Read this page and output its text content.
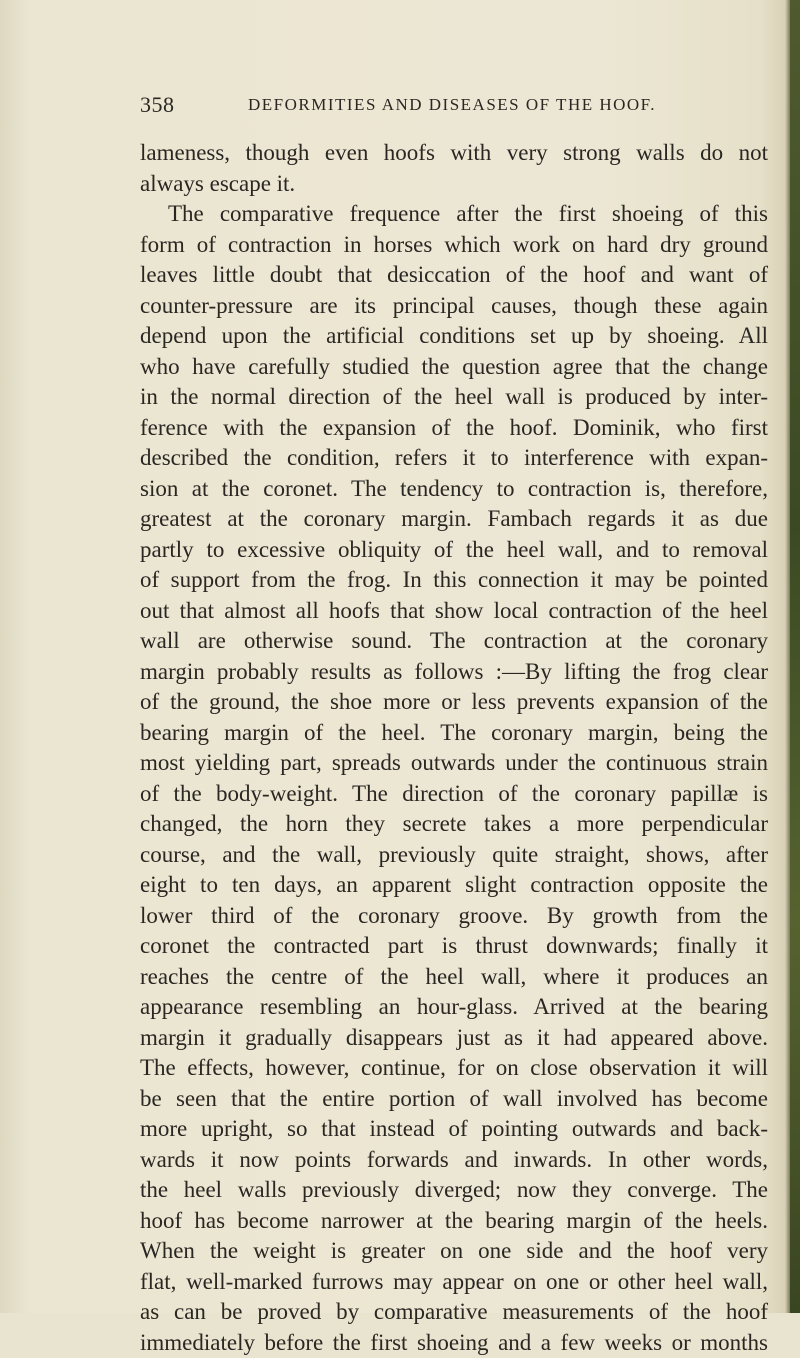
358	DEFORMITIES AND DISEASES OF THE HOOF.
lameness, though even hoofs with very strong walls do not
always escape it.
The comparative frequence after the first shoeing of this
form of contraction in horses which work on hard dry ground
leaves little doubt that desiccation of the hoof and want of
counter-pressure are its principal causes, though these again
depend upon the artificial conditions set up by shoeing. All
who have carefully studied the question agree that the change
in the normal direction of the heel wall is produced by inter-
ference with the expansion of the hoof. Dominik, who first
described the condition, refers it to interference with expan-
sion at the coronet. The tendency to contraction is, therefore,
greatest at the coronary margin. Fambach regards it as due
partly to excessive obliquity of the heel wall, and to removal
of support from the frog. In this connection it may be pointed
out that almost all hoofs that show local contraction of the heel
wall are otherwise sound. The contraction at the coronary
margin probably results as follows :—By lifting the frog clear
of the ground, the shoe more or less prevents expansion of the
bearing margin of the heel. The coronary margin, being the
most yielding part, spreads outwards under the continuous strain
of the body-weight. The direction of the coronary papillæ is
changed, the horn they secrete takes a more perpendicular
course, and the wall, previously quite straight, shows, after
eight to ten days, an apparent slight contraction opposite the
lower third of the coronary groove. By growth from the
coronet the contracted part is thrust downwards; finally it
reaches the centre of the heel wall, where it produces an
appearance resembling an hour-glass. Arrived at the bearing
margin it gradually disappears just as it had appeared above.
The effects, however, continue, for on close observation it will
be seen that the entire portion of wall involved has become
more upright, so that instead of pointing outwards and back-
wards it now points forwards and inwards. In other words,
the heel walls previously diverged; now they converge. The
hoof has become narrower at the bearing margin of the heels.
When the weight is greater on one side and the hoof very
flat, well-marked furrows may appear on one or other heel wall,
as can be proved by comparative measurements of the hoof
immediately before the first shoeing and a few weeks or months
